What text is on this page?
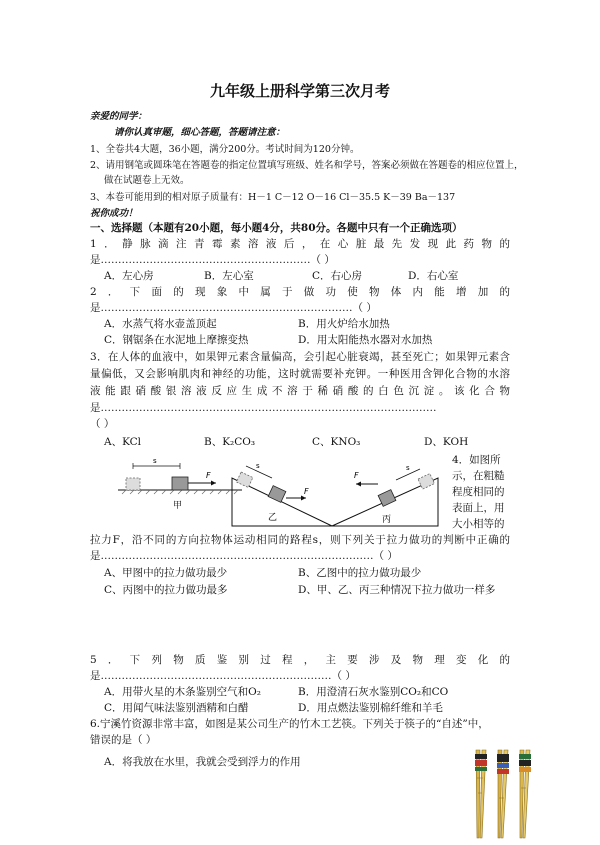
九年级上册科学第三次月考
亲爱的同学：
请你认真审题，细心答题，答题请注意：
1、全卷共4大题，36小题，满分200分。考试时间为120分钟。
2、请用钢笔或圆珠笔在答题卷的指定位置填写班级、姓名和学号，答案必须做在答题卷的相应位置上，
做在试题卷上无效。
3、本卷可能用到的相对原子质量有：H－1 C－12 O－16 Cl－35.5 K－39 Ba－137
祝你成功！
一、选择题（本题有20小题，每小题4分，共80分。各题中只有一个正确选项）
1．静脉滴注青霉素溶液后，在心脏最先发现此药物的
是……………………………………………………（ ）
A．左心房	B．左心室	C．右心房	D．右心室
2．下面的现象中属于做功使物体内能增加的
是………………………………………………………………（ ）
A．水蒸气将水壶盖顶起	B．用火炉给水加热
C．钢锯条在水泥地上摩擦变热	D．用太阳能热水器对水加热
3．在人体的血液中，如果钾元素含量偏高，会引起心脏衰竭，甚至死亡；如果钾元素含
量偏低，又会影响肌肉和神经的功能，这时就需要补充钾。一种医用含钾化合物的水溶
液能跟硝酸银溶液反应生成不溶于稀硝酸的白色沉淀。该化合物
是……………………………………………………………………………………
（ ）
A、KCl	B、K₂CO₃	C、KNO₃	D、KOH
4．如图所
示，在粗糙
程度相同的
表面上，用
大小相等的
s
F
甲
s
F
乙
s
F
丙
拉力F，沿不同的方向拉物体运动相同的路程s，则下列关于拉力做功的判断中正确的
是……………………………………………………………………（ ）
A、甲图中的拉力做功最少	B、乙图中的拉力做功最少
C、丙图中的拉力做功最多	D、甲、乙、丙三种情况下拉力做功一样多
5．下列物质鉴别过程，主要涉及物理变化的
是…………………………………………………………（ ）
A．用带火星的木条鉴别空气和O₂	B．用澄清石灰水鉴别CO₂和CO
C．用闻气味法鉴别酒精和白醋	D．用点燃法鉴别棉纤维和羊毛
6.宁溪竹资源非常丰富，如图是某公司生产的竹木工艺筷。下列关于筷子的“自述”中，
错误的是（ ）
A．将我放在水里，我就会受到浮力的作用
